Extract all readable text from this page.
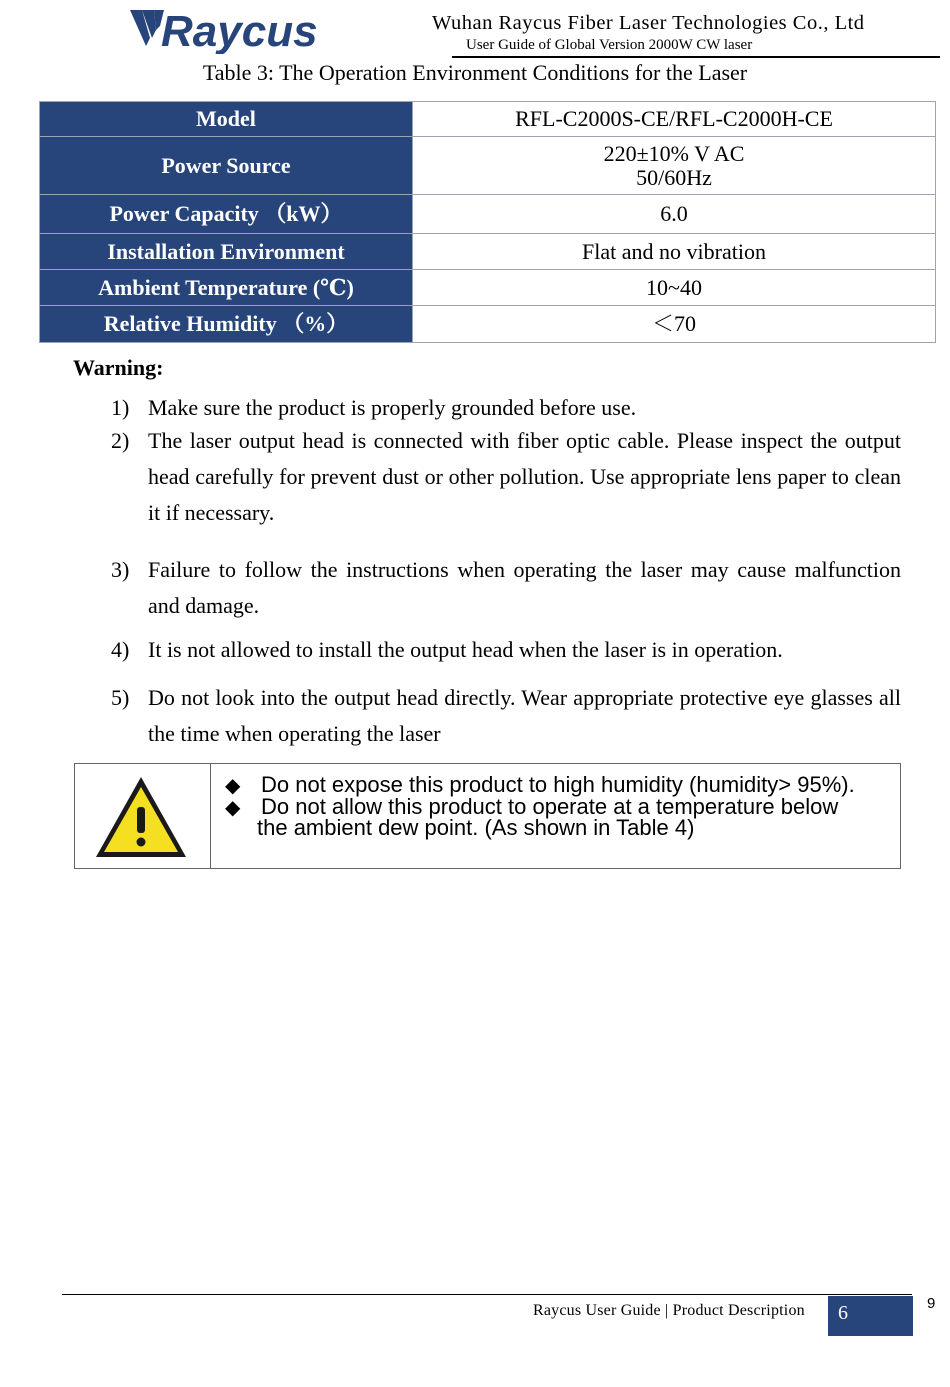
Raycus	Wuhan Raycus Fiber Laser Technologies Co., Ltd
User Guide of Global Version 2000W CW laser
Table 3: The Operation Environment Conditions for the Laser
Model	RFL-C2000S-CE/RFL-C2000H-CE
Power Source	220±10% V AC
50/60Hz

Power Capacity （kW）	6.0
Installation Environment	Flat and no vibration
Ambient Temperature (℃)	10~40
Relative Humidity （%）	＜70
Warning:
1) Make sure the product is properly grounded before use.
2) The laser output head is connected with fiber optic cable. Please inspect the output head carefully for prevent dust or other pollution. Use appropriate lens paper to clean it if necessary.
3) Failure to follow the instructions when operating the laser may cause malfunction and damage.
4) It is not allowed to install the output head when the laser is in operation.
5) Do not look into the output head directly. Wear appropriate protective eye glasses all the time when operating the laser
◆ Do not expose this product to high humidity (humidity> 95%).
◆ Do not allow this product to operate at a temperature below the ambient dew point. (As shown in Table 4)
Raycus User Guide | Product Description 6	9
